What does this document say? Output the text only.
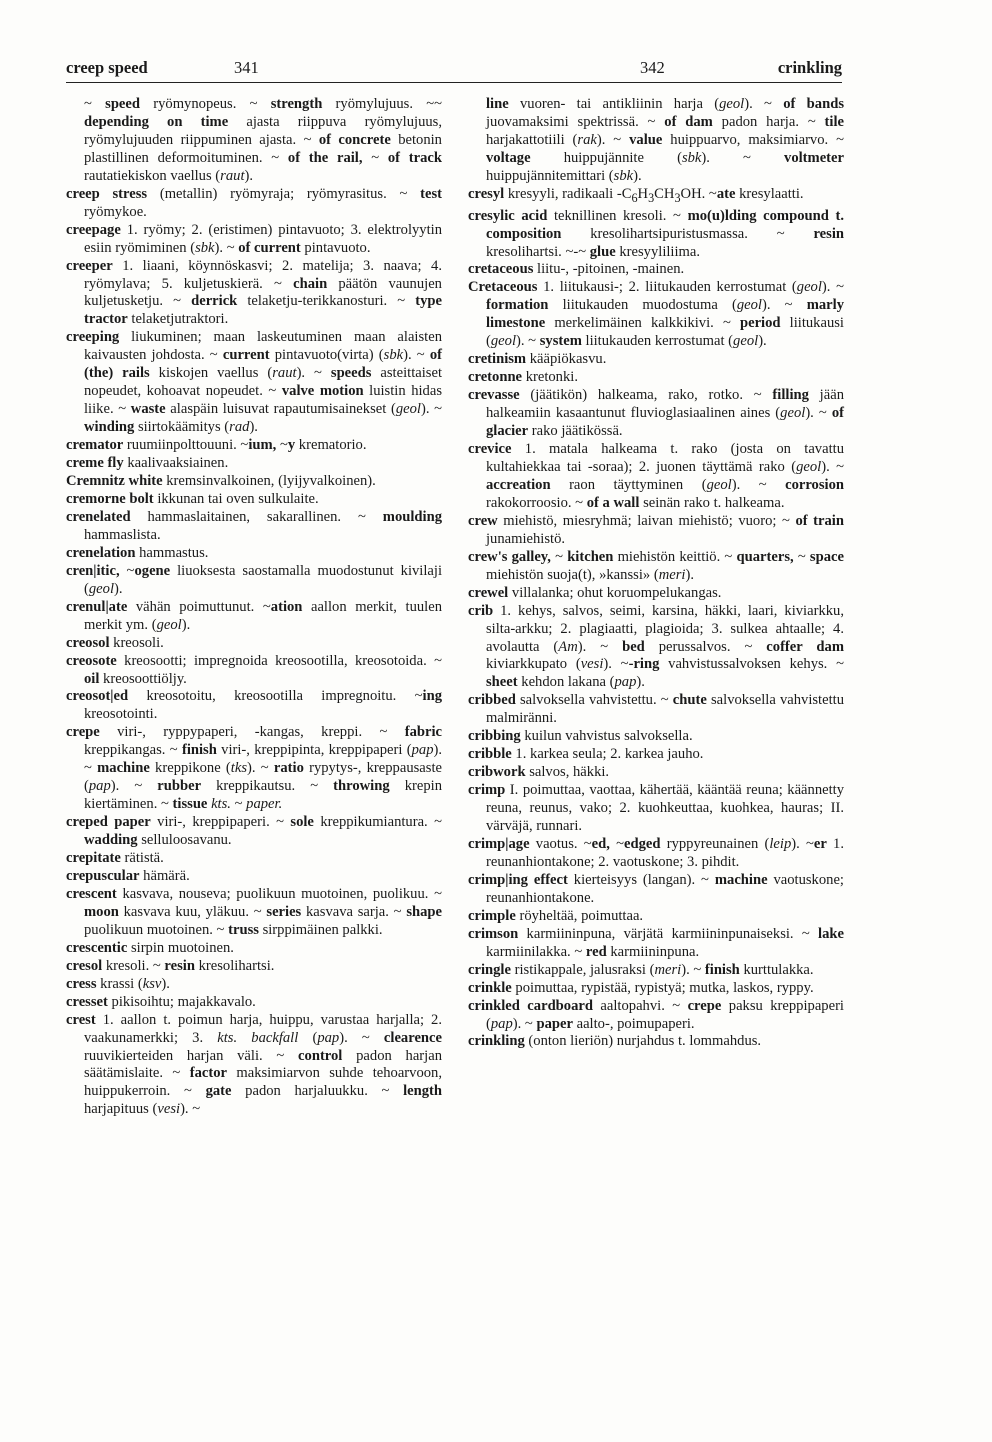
creep speed	341	342	crinkling

~ speed ryömynopeus. ~ strength ryömylujuus. ~~ depending on time ajasta riippuva ryömylujuus, ryömylujuuden riippuminen ajasta. ~ of concrete betonin plastillinen deformoituminen. ~ of the rail, ~ of track rautatiekiskon vaellus (raut).

creep stress (metallin) ryömyraja; ryömyrasitus. ~ test ryömykoe.

creepage 1. ryömy; 2. (eristimen) pintavuoto; 3. elektrolyytin esiin ryömiminen (sbk). ~ of current pintavuoto.

creeper 1. liaani, köynnöskasvi; 2. matelija; 3. naava; 4. ryömylava; 5. kuljetuskierä. ~ chain päätön vaunujen kuljetusketju. ~ derrick telaketju-terikkanosturi. ~ type tractor telaketjutraktori.

creeping liukuminen; maan laskeutuminen maan alaisten kaivausten johdosta. ~ current pintavuoto(virta) (sbk). ~ of (the) rails kiskojen vaellus (raut). ~ speeds asteittaiset nopeudet, kohoavat nopeudet. ~ valve motion luistin hidas liike. ~ waste alaspäin luisuvat rapautumisainekset (geol). ~ winding siirtokäämitys (rad).

cremator ruumiinpolttouuni. ~ium, ~y krematorio.

creme fly kaalivaaksiainen.

Cremnitz white kremsinvalkoinen, (lyijyvalkoinen).

cremorne bolt ikkunan tai oven sulkulaite.

crenelated hammaslaitainen, sakarallinen. ~ moulding hammaslista.

crenelation hammastus.

cren|itic, ~ogene liuoksesta saostamalla muodostunut kivilaji (geol).

crenul|ate vähän poimuttunut. ~ation aallon merkit, tuulen merkit ym. (geol).

creosol kreosoli.

creosote kreosootti; impregnoida kreosootilla, kreosotoida. ~ oil kreosoottiöljy.

creosot|ed kreosotoitu, kreosootilla impregnoitu. ~ing kreosotointi.

crepe viri-, ryppypaperi, -kangas, kreppi. ~ fabric kreppikangas. ~ finish viri-, kreppipinta, kreppipaperi (pap). ~ machine kreppikone (tks). ~ ratio rypytys-, kreppausaste (pap). ~ rubber kreppikautsu. ~ throwing krepin kiertäminen. ~ tissue kts. ~ paper.

creped paper viri-, kreppipaperi. ~ sole kreppikumiantura. ~ wadding selluloosavanu.

crepitate rätistä.

crepuscular hämärä.

crescent kasvava, nouseva; puolikuun muotoinen, puolikuu. ~ moon kasvava kuu, yläkuu. ~ series kasvava sarja. ~ shape puolikuun muotoinen. ~ truss sirppimäinen palkki.

crescentic sirpin muotoinen.

cresol kresoli. ~ resin kresolihartsi.

cress krassi (ksv).

cresset pikisoihtu; majakkavalo.

crest 1. aallon t. poimun harja, huippu, varustaa harjalla; 2. vaakunamerkki; 3. kts. backfall (pap). ~ clearence ruuvikierteiden harjan väli. ~ control padon harjan säätämislaite. ~ factor maksimiarvon suhde tehoarvoon, huippukerroin. ~ gate padon harjaluukku. ~ length harjapituus (vesi). ~

line vuoren- tai antikliinin harja (geol). ~ of bands juovamaksimi spektrissä. ~ of dam padon harja. ~ tile harjakattotiili (rak). ~ value huippuarvo, maksimiarvo. ~ voltage huippujännite (sbk). ~ voltmeter huippujännitemittari (sbk).

cresyl kresyyli, radikaali $-C_6H_3CH_3OH$. ~ate kresylaatti.

cresylic acid teknillinen kresoli. ~ mo(u)lding compound t. composition kresolihartsipuristusmassa. ~ resin kresolihartsi. ~-~ glue kresyyliliima.

cretaceous liitu-, -pitoinen, -mainen.

Cretaceous 1. liitukausi-; 2. liitukauden kerrostumat (geol). ~ formation liitukauden muodostuma (geol). ~ marly limestone merkelimäinen kalkkikivi. ~ period liitukausi (geol). ~ system liitukauden kerrostumat (geol).

cretinism kääpiökasvu.

cretonne kretonki.

crevasse (jäätikön) halkeama, rako, rotko. ~ filling jään halkeamiin kasaantunut fluvioglasiaalinen aines (geol). ~ of glacier rako jäätikössä.

crevice 1. matala halkeama t. rako (josta on tavattu kultahiekkaa tai -soraa); 2. juonen täyttämä rako (geol). ~ accreation raon täyttyminen (geol). ~ corrosion rakokorroosio. ~ of a wall seinän rako t. halkeama.

crew miehistö, miesryhmä; laivan miehistö; vuoro; ~ of train junamiehistö.

crew's galley, ~ kitchen miehistön keittiö. ~ quarters, ~ space miehistön suoja(t), »kanssi» (meri).

crewel villalanka; ohut koruompelukangas.

crib 1. kehys, salvos, seimi, karsina, häkki, laari, kiviarkku, silta-arkku; 2. plagiaatti, plagioida; 3. sulkea ahtaalle; 4. avolautta (Am). ~ bed perussalvos. ~ coffer dam kiviarkkupato (vesi). ~-ring vahvistussalvoksen kehys. ~ sheet kehdon lakana (pap).

cribbed salvoksella vahvistettu. ~ chute salvoksella vahvistettu malmiränni.

cribbing kuilun vahvistus salvoksella.

cribble 1. karkea seula; 2. karkea jauho.

cribwork salvos, häkki.

crimp I. poimuttaa, vaottaa, kähertää, kääntää reuna; käännetty reuna, reunus, vako; 2. kuohkeuttaa, kuohkea, hauras; II. värväjä, runnari.

crimp|age vaotus. ~ed, ~edged ryppyreunainen (leip). ~er 1. reunanhiontakone; 2. vaotuskone; 3. pihdit.

crimp|ing effect kierteisyys (langan). ~ machine vaotuskone; reunanhiontakone.

crimple röyheltää, poimuttaa.

crimson karmiininpuna, värjätä karmiininpunaiseksi. ~ lake karmiinilakka. ~ red karmiininpuna.

cringle ristikappale, jalusraksi (meri). ~ finish kurttulakka.

crinkle poimuttaa, rypistää, rypistyä; mutka, laskos, ryppy.

crinkled cardboard aaltopahvi. ~ crepe paksu kreppipaperi (pap). ~ paper aalto-, poimupaperi.

crinkling (onton lieriön) nurjahdus t. lommahdus.
